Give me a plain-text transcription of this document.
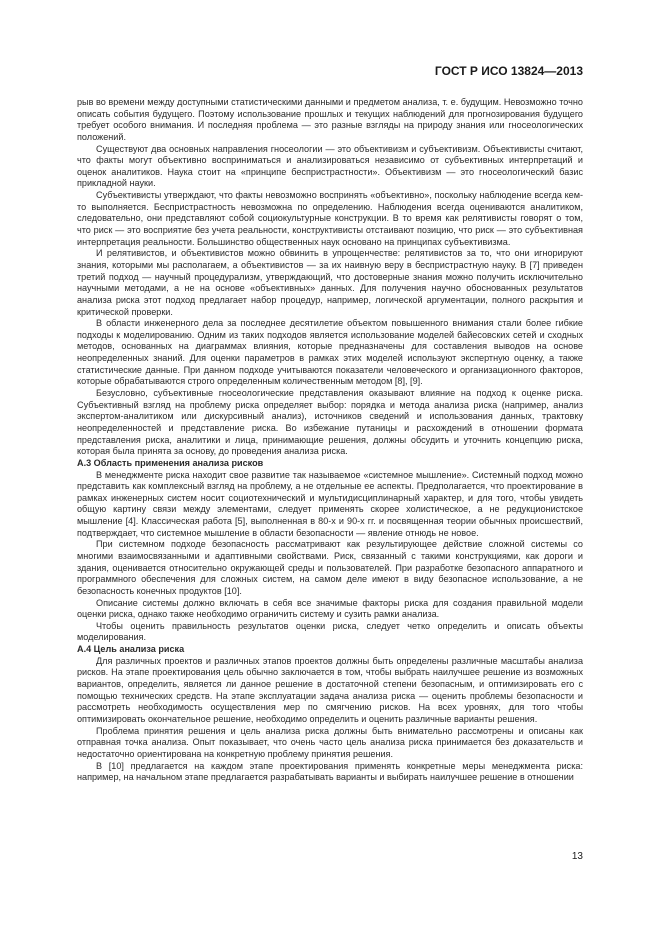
ГОСТ Р ИСО 13824—2013

рыв во времени между доступными статистическими данными и предметом анализа, т. е. будущим. Невозможно точно описать события будущего. Поэтому использование прошлых и текущих наблюдений для прогнозирования будущего требует особого внимания. И последняя проблема — это разные взгляды на природу знания или гносеологических положений.

Существуют два основных направления гносеологии — это объективизм и субъективизм. Объективисты считают, что факты могут объективно восприниматься и анализироваться независимо от субъективных интерпретаций и оценок аналитиков. Наука стоит на «принципе беспристрастности». Объективизм — это гносеологический базис прикладной науки.

Субъективисты утверждают, что факты невозможно воспринять «объективно», поскольку наблюдение всегда кем-то выполняется. Беспристрастность невозможна по определению. Наблюдения всегда оцениваются аналитиком, следовательно, они представляют собой социокультурные конструкции. В то время как релятивисты говорят о том, что риск — это восприятие без учета реальности, конструктивисты отстаивают позицию, что риск — это субъективная интерпретация реальности. Большинство общественных наук основано на принципах субъективизма.

И релятивистов, и объективистов можно обвинить в упрощенчестве: релятивистов за то, что они игнорируют знания, которыми мы располагаем, а объективистов — за их наивную веру в беспристрастную науку. В [7] приведен третий подход — научный процедурализм, утверждающий, что достоверные знания можно получить исключительно научными методами, а не на основе «объективных» данных. Для получения научно обоснованных результатов анализа риска этот подход предлагает набор процедур, например, логической аргументации, полного раскрытия и критической проверки.

В области инженерного дела за последнее десятилетие объектом повышенного внимания стали более гибкие подходы к моделированию. Одним из таких подходов является использование моделей байесовских сетей и сходных методов, основанных на диаграммах влияния, которые предназначены для составления выводов на основе неопределенных знаний. Для оценки параметров в рамках этих моделей используют экспертную оценку, а также статистические данные. При данном подходе учитываются показатели человеческого и организационного факторов, которые обрабатываются строго определенным количественным методом [8], [9].

Безусловно, субъективные гносеологические представления оказывают влияние на подход к оценке риска. Субъективный взгляд на проблему риска определяет выбор: порядка и метода анализа риска (например, анализ экспертом-аналитиком или дискурсивный анализ), источников сведений и использования данных, трактовку неопределенностей и представление риска. Во избежание путаницы и расхождений в отношении формата представления риска, аналитики и лица, принимающие решения, должны обсудить и уточнить концепцию риска, которая была принята за основу, до проведения анализа риска.

А.3 Область применения анализа рисков

В менеджменте риска находит свое развитие так называемое «системное мышление». Системный подход можно представить как комплексный взгляд на проблему, а не отдельные ее аспекты. Предполагается, что проектирование в рамках инженерных систем носит социотехнический и мультидисциплинарный характер, и для того, чтобы увидеть общую картину связи между элементами, следует применять скорее холистическое, а не редукционистское мышление [4]. Классическая работа [5], выполненная в 80-х и 90-х гг. и посвященная теории обычных происшествий, подтверждает, что системное мышление в области безопасности — явление отнюдь не новое.

При системном подходе безопасность рассматривают как результирующее действие сложной системы со многими взаимосвязанными и адаптивными свойствами. Риск, связанный с такими конструкциями, как дороги и здания, оценивается относительно окружающей среды и пользователей. При разработке безопасного аппаратного и программного обеспечения для сложных систем, на самом деле имеют в виду безопасное использование, а не безопасность конечных продуктов [10].

Описание системы должно включать в себя все значимые факторы риска для создания правильной модели оценки риска, однако также необходимо ограничить систему и сузить рамки анализа.

Чтобы оценить правильность результатов оценки риска, следует четко определить и описать объекты моделирования.

А.4 Цель анализа риска

Для различных проектов и различных этапов проектов должны быть определены различные масштабы анализа рисков. На этапе проектирования цель обычно заключается в том, чтобы выбрать наилучшее решение из возможных вариантов, определить, является ли данное решение в достаточной степени безопасным, и оптимизировать его с помощью технических средств. На этапе эксплуатации задача анализа риска — оценить проблемы безопасности и рассмотреть необходимость осуществления мер по смягчению рисков. На всех уровнях, для того чтобы оптимизировать окончательное решение, необходимо определить и оценить различные варианты решения.

Проблема принятия решения и цель анализа риска должны быть внимательно рассмотрены и описаны как отправная точка анализа. Опыт показывает, что очень часто цель анализа риска принимается без доказательств и недостаточно ориентирована на конкретную проблему принятия решения.

В [10] предлагается на каждом этапе проектирования применять конкретные меры менеджмента риска: например, на начальном этапе предлагается разрабатывать варианты и выбирать наилучшее решение в отношении

13
